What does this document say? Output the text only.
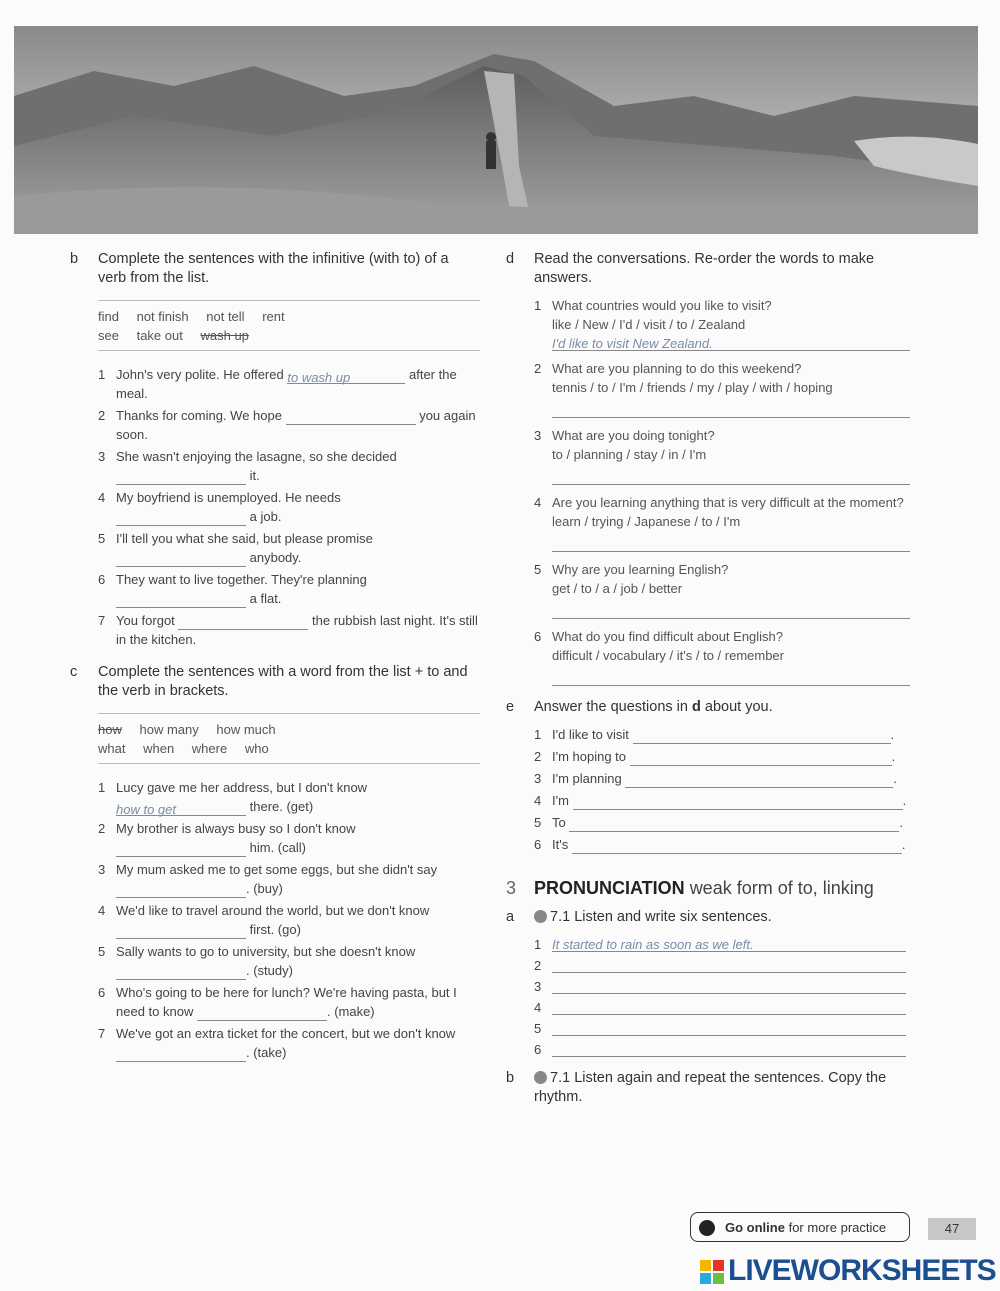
b Complete the sentences with the infinitive (with to) of a verb from the list.
find not finish not tell rent
see take out wash up
1 John's very polite. He offered to wash up	after the meal.
2 Thanks for coming. We hope	you again soon.
3 She wasn't enjoying the lasagne, so she decided
it.
4 My boyfriend is unemployed. He needs
a job.
5 I'll tell you what she said, but please promise
anybody.
6 They want to live together. They're planning
a flat.
7 You forgot	the rubbish last night. It's still in the kitchen.
c Complete the sentences with a word from the list + to and the verb in brackets.
how how many how much
what when where who
1 Lucy gave me her address, but I don't know
how to get	there. (get)
2 My brother is always busy so I don't know
him. (call)
3 My mum asked me to get some eggs, but she didn't say . (buy)
4 We'd like to travel around the world, but we don't know  first. (go)
5 Sally wants to go to university, but she doesn't know . (study)
6 Who's going to be here for lunch? We're having pasta, but I need to know	. (make)
7 We've got an extra ticket for the concert, but we don't know . (take)
d Read the conversations. Re-order the words to make answers.
1 What countries would you like to visit?
like / New / I'd / visit / to / Zealand
I'd like to visit New Zealand.
2 What are you planning to do this weekend?
tennis / to / I'm / friends / my / play / with / hoping
3 What are you doing tonight?
to / planning / stay / in / I'm
4 Are you learning anything that is very difficult at the moment?
learn / trying / Japanese / to / I'm
5 Why are you learning English?
get / to / a / job / better
6 What do you find difficult about English?
difficult / vocabulary / it's / to / remember
e Answer the questions in d about you.
1 I'd like to visit	.
2 I'm hoping to	.
3 I'm planning	.
4 I'm	.
5 To	.
6 It's	.
3 PRONUNCIATION weak form of to, linking
a 7.1 Listen and write six sentences.
1 It started to rain as soon as we left.
2
3
4
5
6
b 7.1 Listen again and repeat the sentences. Copy the rhythm.
Go online for more practice	47
LIVEWORKSHEETS
